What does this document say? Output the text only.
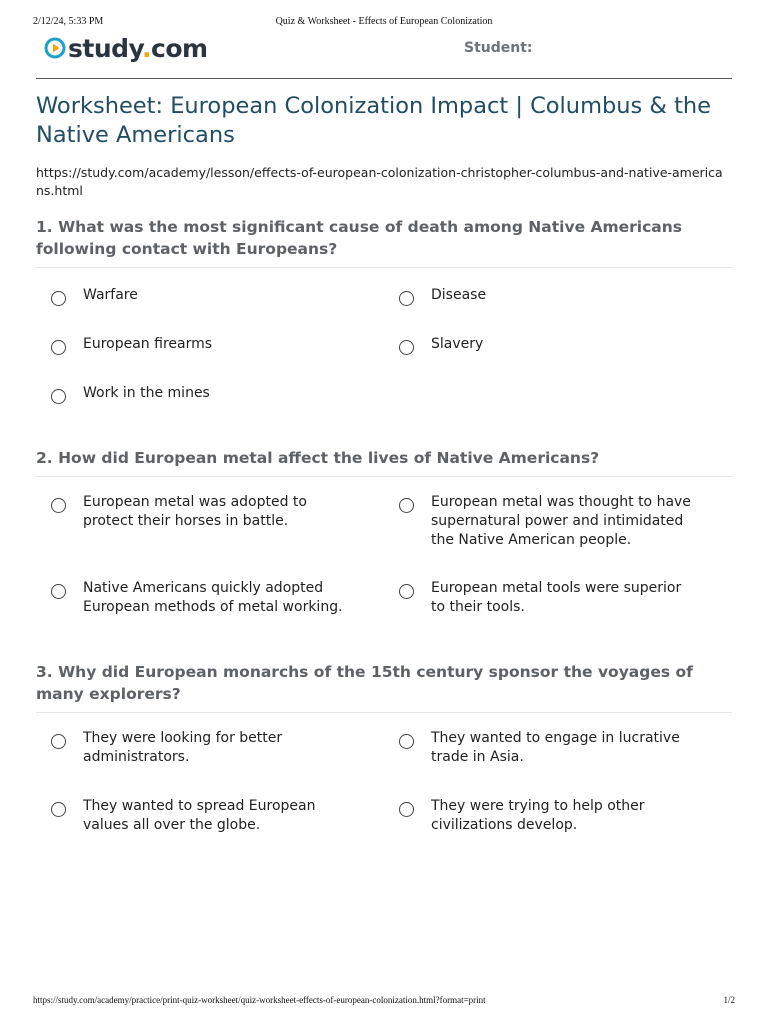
2/12/24, 5:33 PM	Quiz & Worksheet - Effects of European Colonization
study.com	Student:
Worksheet: European Colonization Impact | Columbus & the Native Americans
https://study.com/academy/lesson/effects-of-european-colonization-christopher-columbus-and-native-americans.html

1. What was the most significant cause of death among Native Americans following contact with Europeans?

Warfare	Disease
European firearms	Slavery
Work in the mines

2. How did European metal affect the lives of Native Americans?

European metal was adopted to protect their horses in battle.
European metal was thought to have supernatural power and intimidated the Native American people.
Native Americans quickly adopted European methods of metal working.
European metal tools were superior to their tools.

3. Why did European monarchs of the 15th century sponsor the voyages of many explorers?

They were looking for better administrators.
They wanted to engage in lucrative trade in Asia.
They wanted to spread European values all over the globe.
They were trying to help other civilizations develop.
https://study.com/academy/practice/print-quiz-worksheet/quiz-worksheet-effects-of-european-colonization.html?format=print	1/2
